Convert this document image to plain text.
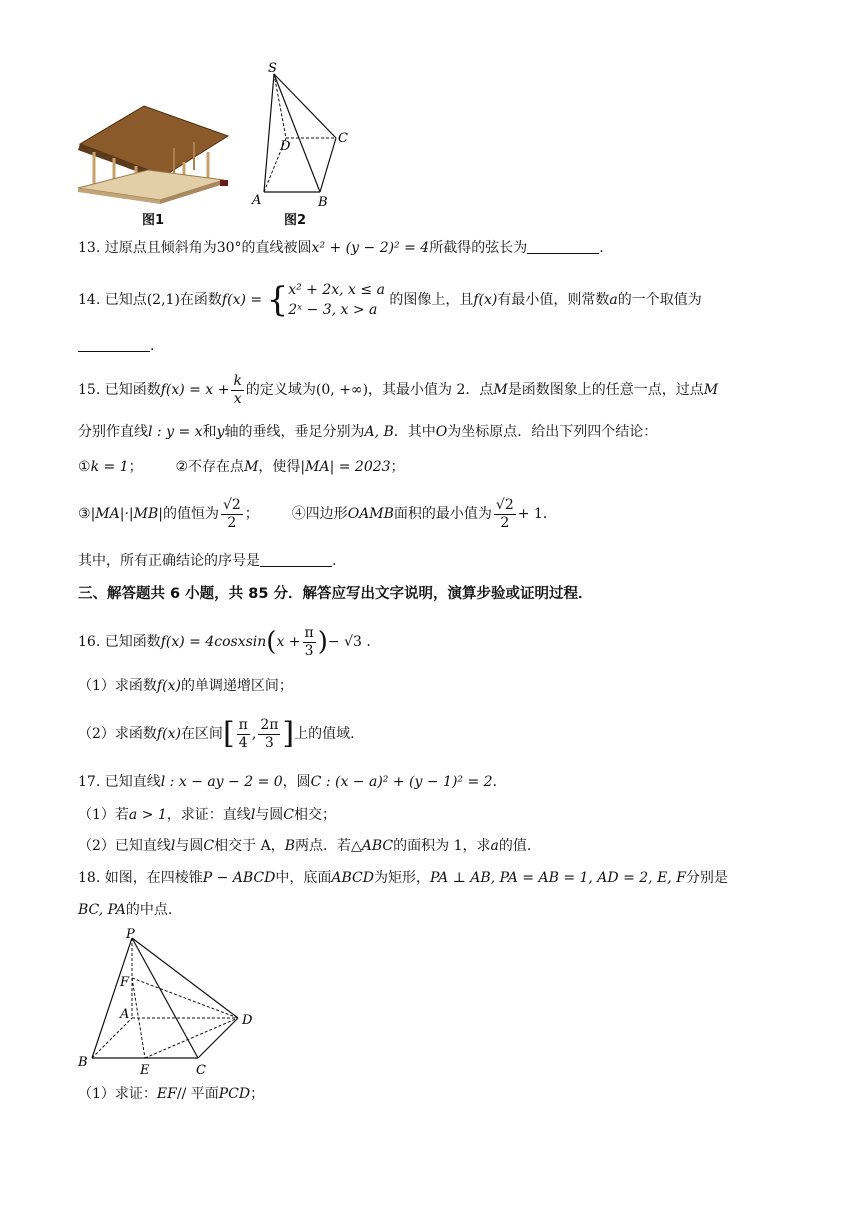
图1
S
D
C
A	B
图2
13. 过原点且倾斜角为30°的直线被圆x² + (y − 2)² = 4所截得的弦长为	.
14. 已知点(2,1)在函数f(x) = {x² + 2x, x ≤ a
2ˣ − 3, x > a 的图像上，且f(x)有最小值，则常数a的一个取值为
.
15. 已知函数$f(x) = x + \frac{k}{x}$ 的定义域为(0, +∞)，其最小值为 2．点M是函数图象上的任意一点，过点M
分别作直线l : y = x和y轴的垂线，垂足分别为A, B．其中O为坐标原点．给出下列四个结论：
①k = 1； ②不存在点M，使得|MA| = 2023；
③|MA|·|MB|的值恒为 $\frac{√2}{2}$ ； ④四边形OAMB面积的最小值为 $\frac{√2}{2} + 1$．
其中，所有正确结论的序号是	.
三、解答题共 6 小题，共 85 分．解答应写出文字说明，演算步验或证明过程．
16. 已知函数f(x) = 4cosxsin(x + $\frac{\pi}{3}$ )− √3 .
（1）求函数f(x)的单调递增区间；
（2）求函数f(x)在区间[ $\frac{\pi}{4}$ , $\frac{2\pi}{3}$ ]上的值域.
17. 已知直线l : x − ay − 2 = 0，圆C : (x − a)² + (y − 1)² = 2.
（1）若a > 1，求证：直线l与圆C相交；
（2）已知直线l与圆C相交于 A，B两点．若△ABC的面积为 1，求a的值.
18. 如图，在四棱锥P − ABCD中，底面ABCD为矩形，PA ⊥ AB, PA = AB = 1, AD = 2, E, F分别是
BC, PA的中点.
P
F
A	D
B
E	C
（1）求证：EF// 平面PCD；
